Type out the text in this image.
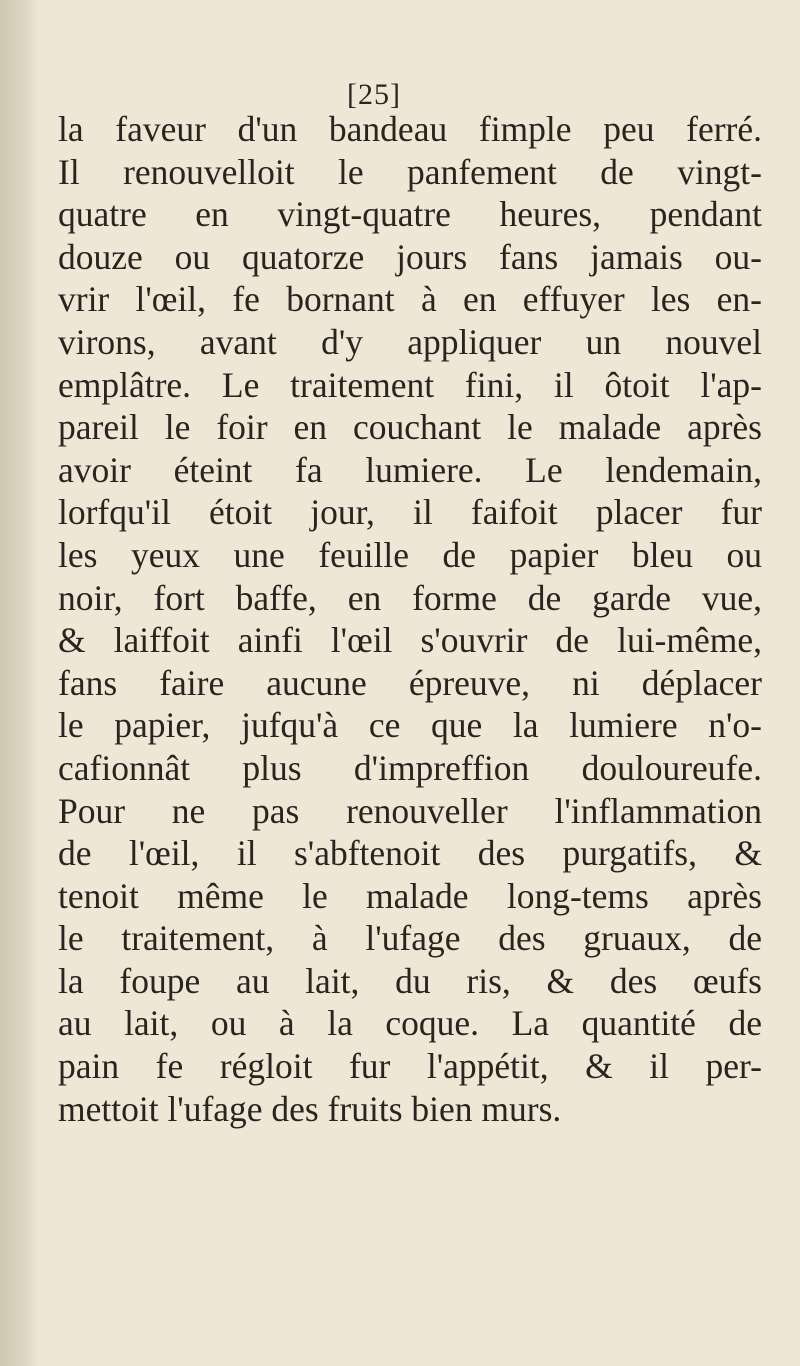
[25]
la faveur d'un bandeau fimple peu ferré.
Il renouvelloit le panfement de vingt-
quatre en vingt-quatre heures, pendant
douze ou quatorze jours fans jamais ou-
vrir l'œil, fe bornant à en effuyer les en-
virons, avant d'y appliquer un nouvel
emplâtre. Le traitement fini, il ôtoit l'ap-
pareil le foir en couchant le malade après
avoir éteint fa lumiere. Le lendemain,
lorfqu'il étoit jour, il faifoit placer fur
les yeux une feuille de papier bleu ou
noir, fort baffe, en forme de garde vue,
& laiffoit ainfi l'œil s'ouvrir de lui-même,
fans faire aucune épreuve, ni déplacer
le papier, jufqu'à ce que la lumiere n'o-
cafionnât plus d'impreffion douloureufe.
Pour ne pas renouveller l'inflammation
de l'œil, il s'abftenoit des purgatifs, &
tenoit même le malade long-tems après
le traitement, à l'ufage des gruaux, de
la foupe au lait, du ris, & des œufs
au lait, ou à la coque. La quantité de
pain fe régloit fur l'appétit, & il per-
mettoit l'ufage des fruits bien murs.
